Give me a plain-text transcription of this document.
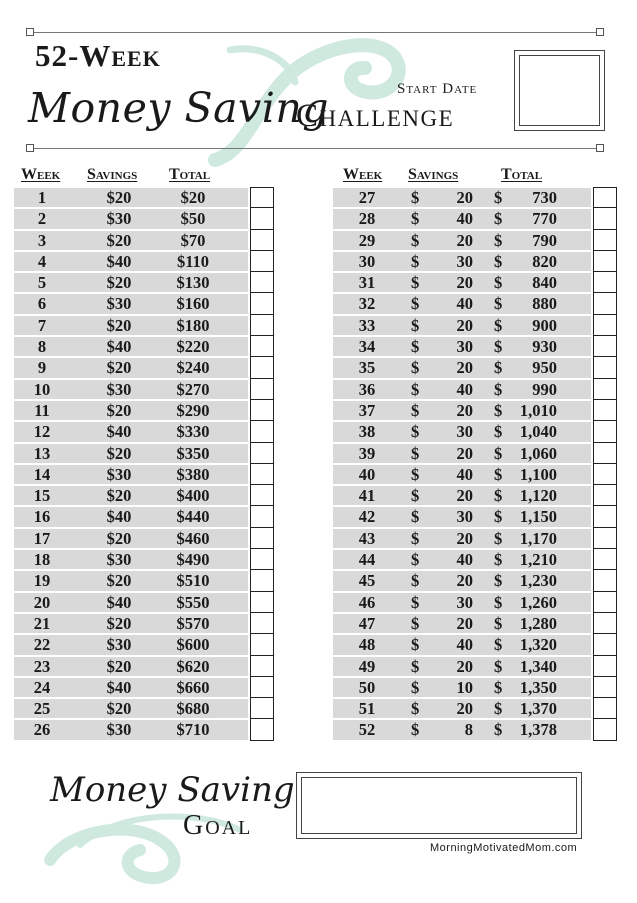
52-Week
Money Saving
Challenge
Start Date
Week Savings Total
1	$20	$20
2	$30	$50
3	$20	$70
4	$40	$110
5	$20	$130
6	$30	$160
7	$20	$180
8	$40	$220
9	$20	$240
10	$30	$270
11	$20	$290
12	$40	$330
13	$20	$350
14	$30	$380
15	$20	$400
16	$40	$440
17	$20	$460
18	$30	$490
19	$20	$510
20	$40	$550
21	$20	$570
22	$30	$600
23	$20	$620
24	$40	$660
25	$20	$680
26	$30	$710
Week Savings	Total
27	$	20 $	730
28	$	40 $	770
29	$	20 $	790
30	$	30 $	820
31	$	20 $	840
32	$	40 $	880
33	$	20 $	900
34	$	30 $	930
35	$	20 $	950
36	$	40 $	990
37	$	20 $	1,010
38	$	30 $	1,040
39	$	20 $	1,060
40	$	40 $	1,100
41	$	20 $	1,120
42	$	30 $	1,150
43	$	20 $	1,170
44	$	40 $	1,210
45	$	20 $	1,230
46	$	30 $	1,260
47	$	20 $	1,280
48	$	40 $	1,320
49	$	20 $	1,340
50	$	10 $	1,350
51	$	20 $	1,370
52	$	8 $	1,378
Money Saving
Goal
MorningMotivatedMom.com
